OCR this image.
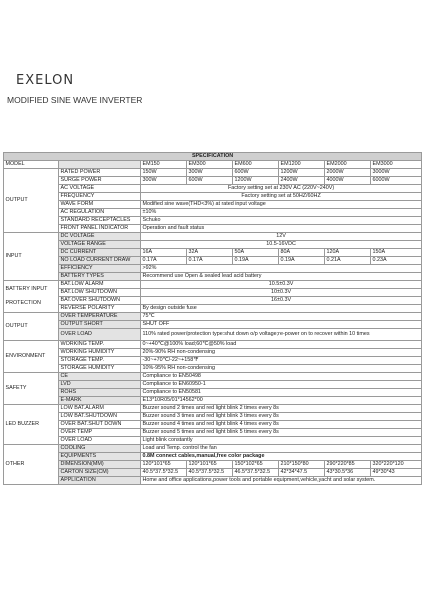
EXELON
MODIFIED SINE WAVE INVERTER
SPECIFICATION							
MODEL		EM150	EM300	EM600	EM1200	EM2000	EM3000
OUTPUT	RATED POWER	150W	300W	600W	1200W	2000W	3000W
	SURGE POWER	300W	600W	1200W	2400W	4000W	6000W
	AC VOLTAGE	Factory setting set at 230V AC (220V~240V)					
	FREQUENCY	Factory setting set at 50HZ/60HZ					
	WAVE FORM	Modified sine wave(THD<3%) at rated input voltage					
	AC REGULATION	±10%					
	STANDARD RECEPTACLES	Schuko					
	FRONT PANEL INDICATOR	Operation and fault status					
INPUT	DC VOLTAGE	12V					
	VOLTAGE RANGE	10.5-16VDC					
	DC CURRENT	16A	32A	50A	80A	120A	150A
	NO LOAD CURRENT DRAW	0.17A	0.17A	0.19A	0.19A	0.21A	0.23A
	EFFICIENCY	>92%					
	BATTERY TYPES	Recommend use Open & sealed lead acid battery					
BATTERY INPUT

PROTECTION	BAT.LOW ALARM	10.5±0.3V					
	BAT.LOW SHUTDOWN	10±0.3V					
	BAT.OVER SHUTDOWN	16±0.3V					
	REVERSE POLARITY	By design outside fuse					
OUTPUT	OVER TEMPERATURE	75℃					
	OUTPUT SHORT	SHUT OFF					
	OVER LOAD	110% rated power/protection type:shut down o/p voltage;re-power on to recover within 10 times					
ENVIRONMENT	WORKING TEMP.	0~+40℃@100% load;60℃@50% load					
	WORKING HUMIDITY	20%-90% RH non-condensing					
	STORAGE TEMP.	-30~+70℃/-22~+158℉					
	STORAGE HUMIDITY	10%-95% RH non-condensing					
SAFETY	CE	Compliance to EN50498					
	LVD	Compliance to EN60950-1					
	ROHS	Compliance to EN50581					
	E-MARK	E13*10R05/01*14562*00					
LED BUZZER	LOW BAT.ALARM	Buzzer sound 2 times and red light blink 2 times every 8s					
	LOW BAT.SHUTDOWN	Buzzer sound 3 times and red light blink 3 times every 8s					
	OVER BAT.SHUT DOWN	Buzzer sound 4 times and red light blink 4 times every 8s					
	OVER TEMP	Buzzer sound 5 times and red light blink 5 times every 8s					
	OVER LOAD	Light blink constantly					
OTHER	COOLING	Load and Temp. control the fan					
	EQUIPMENTS	0.8M connect cables,manual,free color package					
	DIMENSION(MM)	120*101*65	120*101*65	150*102*65	210*150*80	290*220*85	320*220*120
	CARTON SIZE(CM)	40.5*37.5*32.5	40.5*37.5*32.5	46.5*37.5*32.5	42*34*47.5	43*30.5*36	49*30*43
	APPLICATION	Home and office applications,power tools and portable equipment,vehicle,yacht and solar system.					
